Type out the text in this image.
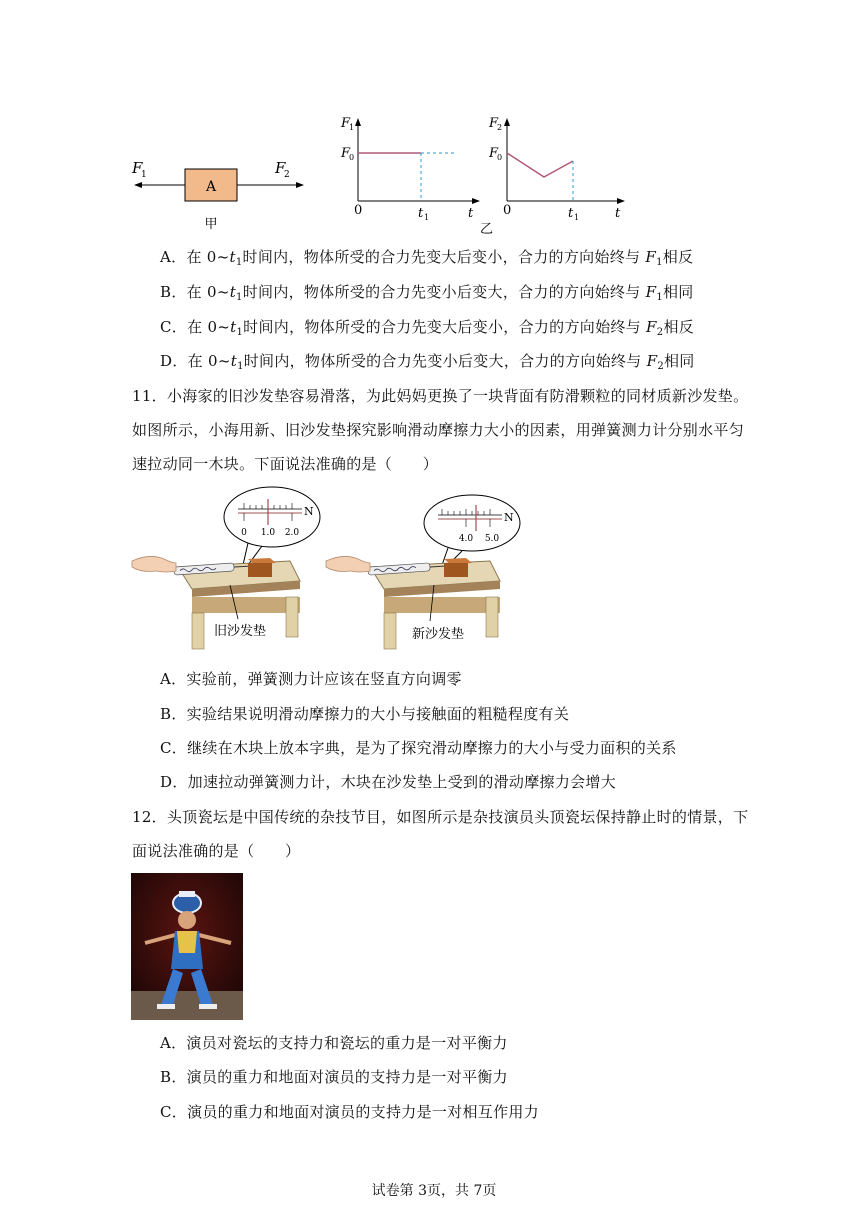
A
F
1	F
2
甲
F
1
F
0
0	t 1	t
F
2
F
0
0	t 1	t
乙
A．在 $0\sim t_1$时间内，物体所受的合力先变大后变小，合力的方向始终与 $F_1$相反
B．在 $0\sim t_1$时间内，物体所受的合力先变小后变大，合力的方向始终与 $F_1$相同
C．在 $0\sim t_1$时间内，物体所受的合力先变大后变小，合力的方向始终与 $F_2$相反
D．在 $0\sim t_1$时间内，物体所受的合力先变小后变大，合力的方向始终与 $F_2$相同
11．小海家的旧沙发垫容易滑落，为此妈妈更换了一块背面有防滑颗粒的同材质新沙发垫。
如图所示，小海用新、旧沙发垫探究影响滑动摩擦力大小的因素，用弹簧测力计分别水平匀
速拉动同一木块。下面说法准确的是（　　）
N
0 1.0 2.0
旧沙发垫
N
4.0 5.0
新沙发垫
A．实验前，弹簧测力计应该在竖直方向调零
B．实验结果说明滑动摩擦力的大小与接触面的粗糙程度有关
C．继续在木块上放本字典，是为了探究滑动摩擦力的大小与受力面积的关系
D．加速拉动弹簧测力计，木块在沙发垫上受到的滑动摩擦力会增大
12．头顶瓷坛是中国传统的杂技节目，如图所示是杂技演员头顶瓷坛保持静止时的情景，下
面说法准确的是（　　）
A．演员对瓷坛的支持力和瓷坛的重力是一对平衡力
B．演员的重力和地面对演员的支持力是一对平衡力
C．演员的重力和地面对演员的支持力是一对相互作用力
试卷第 3页，共 7页
